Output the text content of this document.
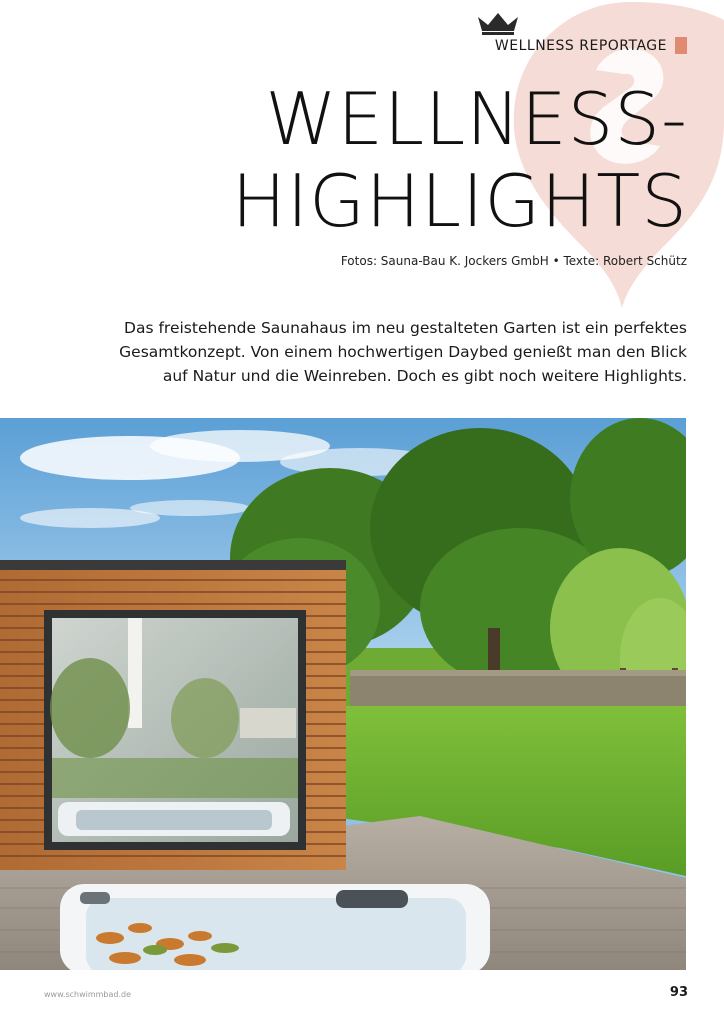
WELLNESS REPORTAGE
WELLNESS-
HIGHLIGHTS
Fotos: Sauna-Bau K. Jockers GmbH • Texte: Robert Schütz

Das freistehende Saunahaus im neu gestalteten Garten ist ein perfektes
Gesamtkonzept. Von einem hochwertigen Daybed genießt man den Blick
auf Natur und die Weinreben. Doch es gibt noch weitere Highlights.

www.schwimmbad.de	93
